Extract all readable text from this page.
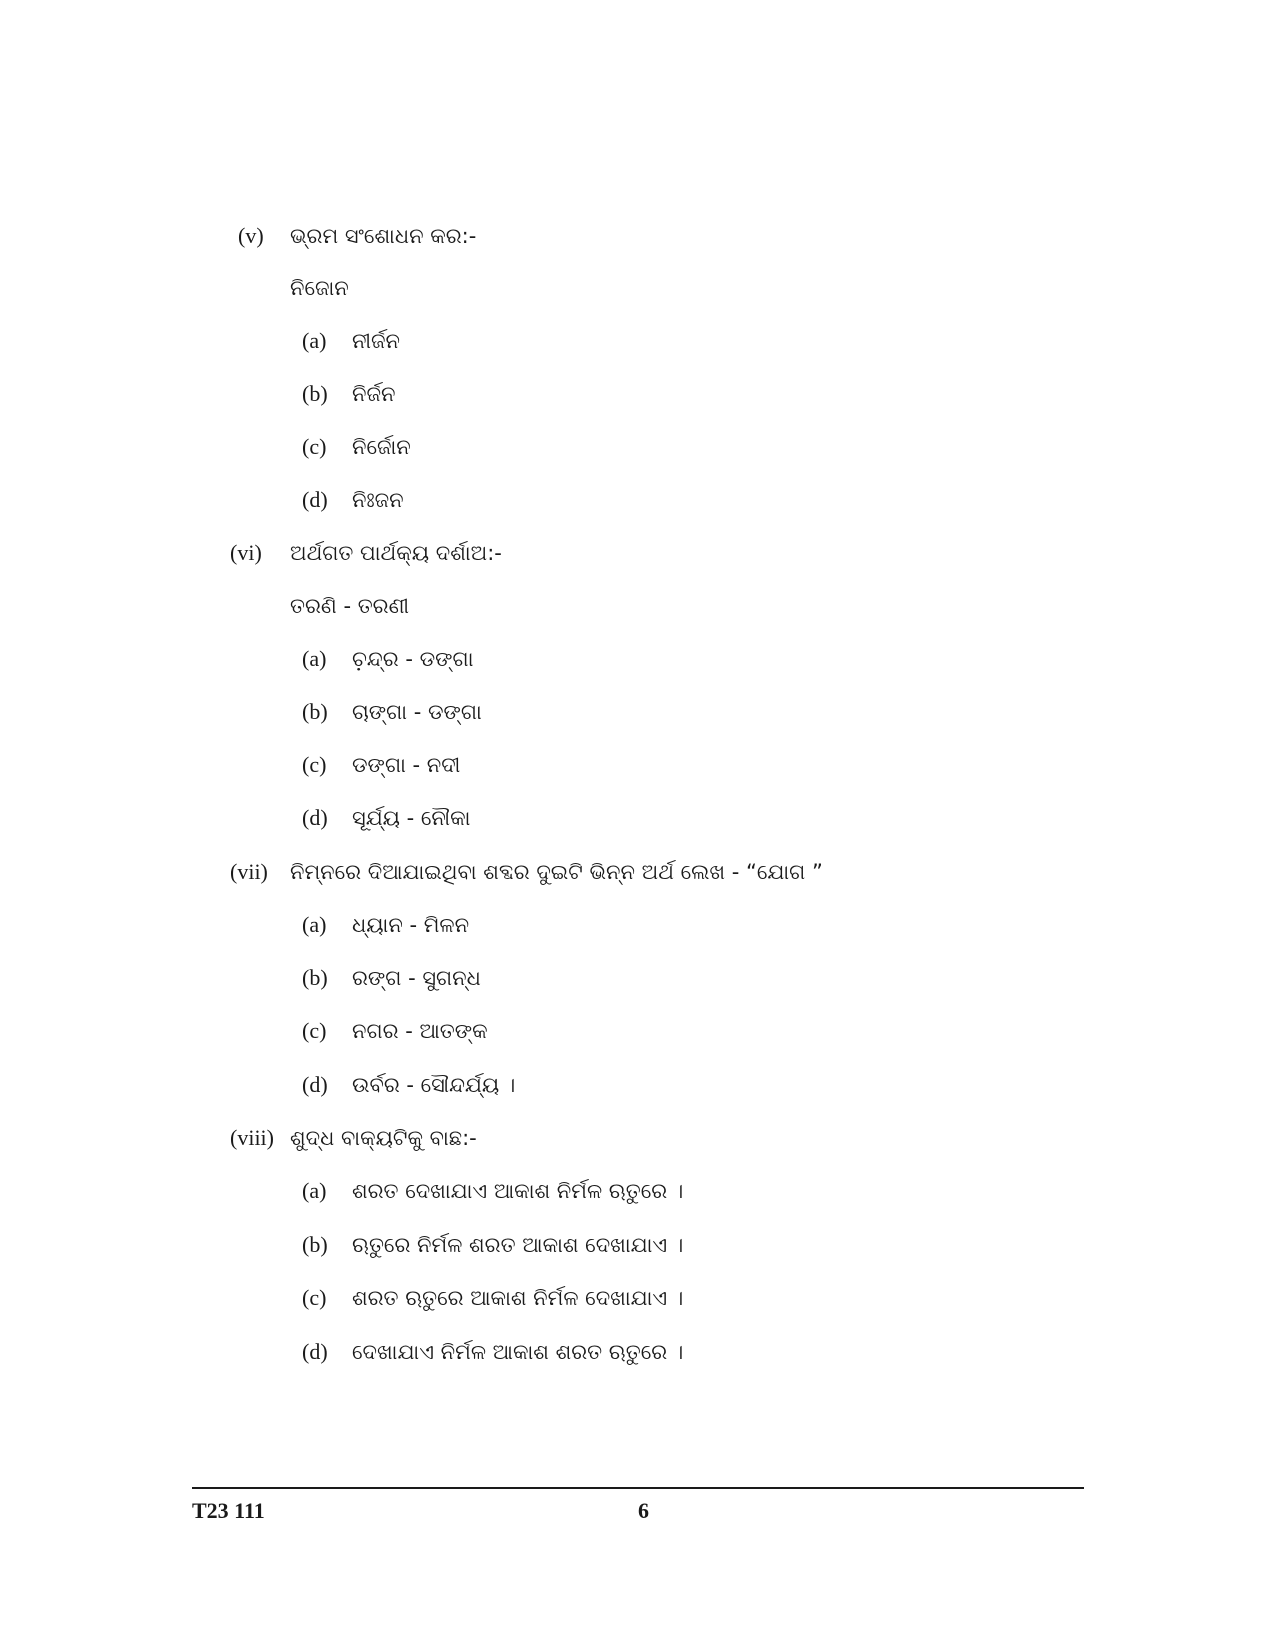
(v) ଭ୍ରମ ସଂଶୋଧନ କର:-
ନିଜୋନ
(a) ନୀର୍ଜନ
(b) ନିର୍ଜନ
(c) ନିର୍ଜୋନ
(d) ନିଃଜନ
(vi) ଅର୍ଥଗତ ପାର୍ଥକ୍ୟ ଦର୍ଶାଅ:-
ତରଣି - ତରଣୀ
(a) ଚ଼ନ୍ଦ୍ର - ଡଙ୍ଗା
(b) ଚାଙ୍ଗା - ଡଙ୍ଗା
(c) ଡଙ୍ଗା - ନଦୀ
(d) ସୂର୍ଯ୍ୟ - ନୌକା
(vii) ନିମ୍ନରେ ଦିଆଯାଇଥିବା ଶବ୍ଦର ଦୁଇଟି ଭିନ୍ନ ଅର୍ଥ ଲେଖ - “ଯୋଗ ”
(a) ଧ୍ୟାନ - ମିଳନ
(b) ରଙ୍ଗ - ସୁଗନ୍ଧ
(c) ନଗର - ଆତଙ୍କ
(d) ଉର୍ବର - ସୌନ୍ଦର୍ଯ୍ୟ ।
(viii) ଶୁଦ୍ଧ ବାକ୍ୟଟିକୁ ବାଛ:-
(a) ଶରତ ଦେଖାଯାଏ ଆକାଶ ନିର୍ମଳ ଋତୁରେ ।
(b) ଋତୁରେ ନିର୍ମଳ ଶରତ ଆକାଶ ଦେଖାଯାଏ ।
(c) ଶରତ ଋତୁରେ ଆକାଶ ନିର୍ମଳ ଦେଖାଯାଏ ।
(d) ଦେଖାଯାଏ ନିର୍ମଳ ଆକାଶ ଶରତ ଋତୁରେ ।
T23 111	6
